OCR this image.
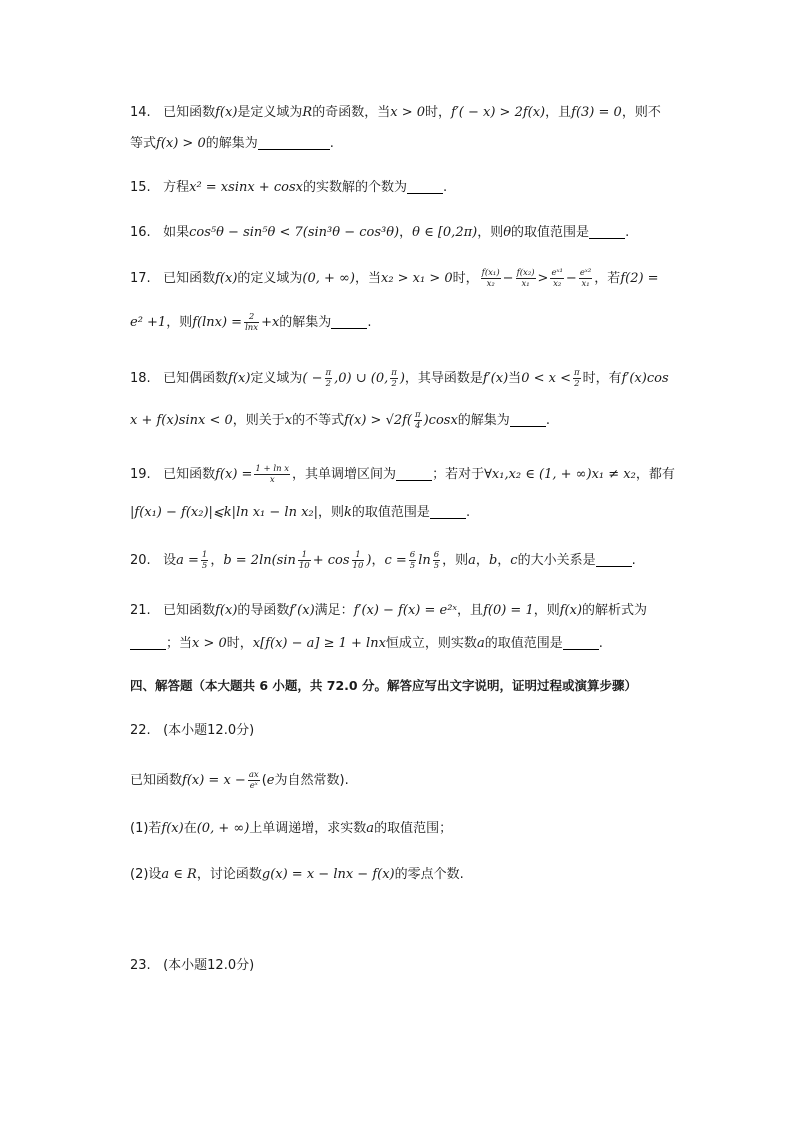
14. 已知函数f(x)是定义域为R的奇函数，当x > 0时，f′( − x) > 2f(x)，且f(3) = 0，则不
等式f(x) > 0的解集为	.
15. 方程x² = xsinx + cosx的实数解的个数为	.
16. 如果cos⁵θ − sin⁵θ < 7(sin³θ − cos³θ)，θ ∈ [0,2π)，则θ的取值范围是	.
17. 已知函数f(x)的定义域为(0, + ∞)，当x₂ > x₁ > 0时， $\frac{\text{f(x₁)}}{\text{x₂}} - \frac{\text{f(x₂)}}{\text{x₁}} > \frac{\text{eˣ¹}}{\text{x₂}} - \frac{\text{eˣ²}}{\text{x₁}}$ ，若f(2) =
e² +1，则$f(\ln x) = \frac{2}{\ln x} +x$的解集为	.
18. 已知偶函数f(x)定义域为( − $\frac{\pi}{2} ,0$) ∪ (0, $\frac{\pi}{2}$ )，其导函数是f′(x)当$0 < x < \frac{\pi}{2}$ 时，有f′(x)cos
x + f(x)sinx < 0，则关于x的不等式$f(x) > √2f( \frac{\pi}{4} )\cos x$的解集为	.
19. 已知函数$f(x) = \frac{\text{1 + ln x}}{x}$ ，其单调增区间为	；若对于∀x₁,x₂ ∈ (1, + ∞)x₁ ≠ x₂，都有
|f(x₁) − f(x₂)|⩽k|ln x₁ − ln x₂|，则k的取值范围是	.
20. 设$a = \frac{1}{5}$ ，$b = 2\ln(\sin \frac{1}{10} + \cos \frac{1}{10}$ )，$c = \frac{6}{5}$ $\ln \frac{6}{5}$ ，则a，b，c的大小关系是	.
21. 已知函数f(x)的导函数f′(x)满足：f′(x) − f(x) = e²ˣ，且f(0) = 1，则f(x)的解析式为
；当x > 0时，x[f(x) − a] ≥ 1 + lnx恒成立，则实数a的取值范围是	.
四、解答题（本大题共 6 小题，共 72.0 分。解答应写出文字说明，证明过程或演算步骤）
22. (本小题12.0分)
已知函数$f(x) = x - \frac{ax}{\text{eˣ}} (e$为自然常数).
(1)若f(x)在(0, + ∞)上单调递增，求实数a的取值范围；
(2)设a ∈ R，讨论函数g(x) = x − lnx − f(x)的零点个数.
23. (本小题12.0分)
